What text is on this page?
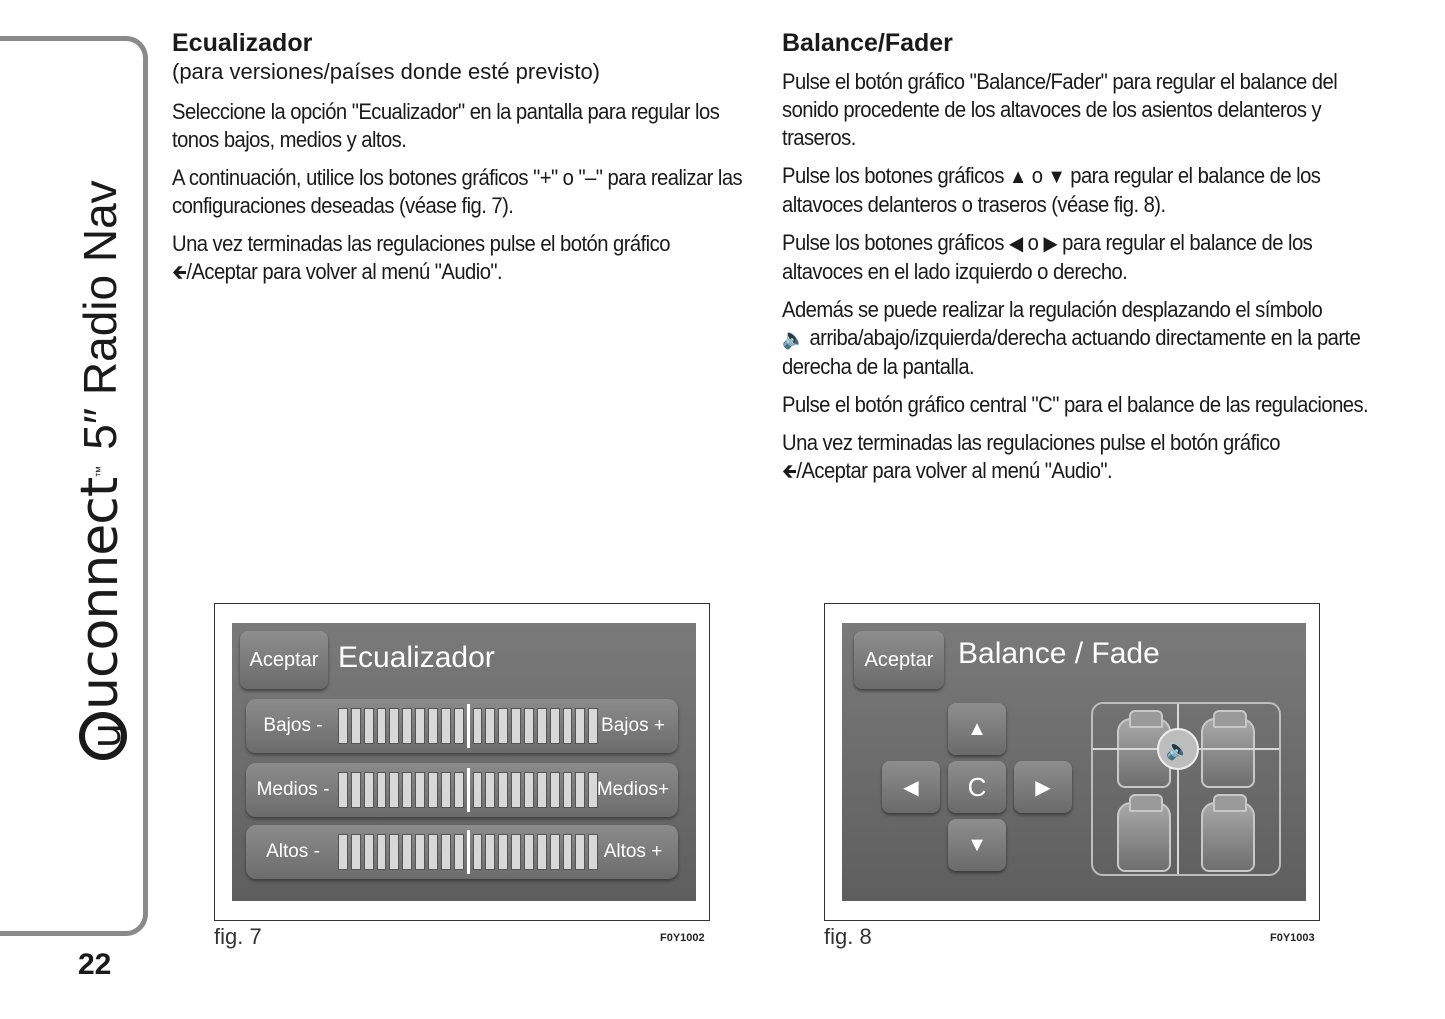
uuconnect
™
5″ Radio Nav
22
Ecualizador
(para versiones/países donde esté previsto)

Seleccione la opción "Ecualizador" en la pantalla para regular los tonos bajos, medios y altos.

A continuación, utilice los botones gráficos "+" o "–" para realizar las configuraciones deseadas (véase fig. 7).

Una vez terminadas las regulaciones pulse el botón gráfico
🡸/Aceptar para volver al menú "Audio".

Balance/Fader

Pulse el botón gráfico "Balance/Fader" para regular el balance del sonido procedente de los altavoces de los asientos delanteros y traseros.

Pulse los botones gráficos ▲ o ▼ para regular el balance de los altavoces delanteros o traseros (véase fig. 8).

Pulse los botones gráficos ◀ o ▶ para regular el balance de los altavoces en el lado izquierdo o derecho.

Además se puede realizar la regulación desplazando el símbolo
🔈 arriba/abajo/izquierda/derecha actuando directamente en la parte derecha de la pantalla.

Pulse el botón gráfico central "C" para el balance de las regulaciones.

Una vez terminadas las regulaciones pulse el botón gráfico
🡸/Aceptar para volver al menú "Audio".

Aceptar Ecualizador
Bajos -	Bajos +
Medios -	Medios+
Altos -	Altos +
fig. 7	F0Y1002
Aceptar Balance / Fade
▲
◀	C	▶
▼
🔈
fig. 8	F0Y1003
